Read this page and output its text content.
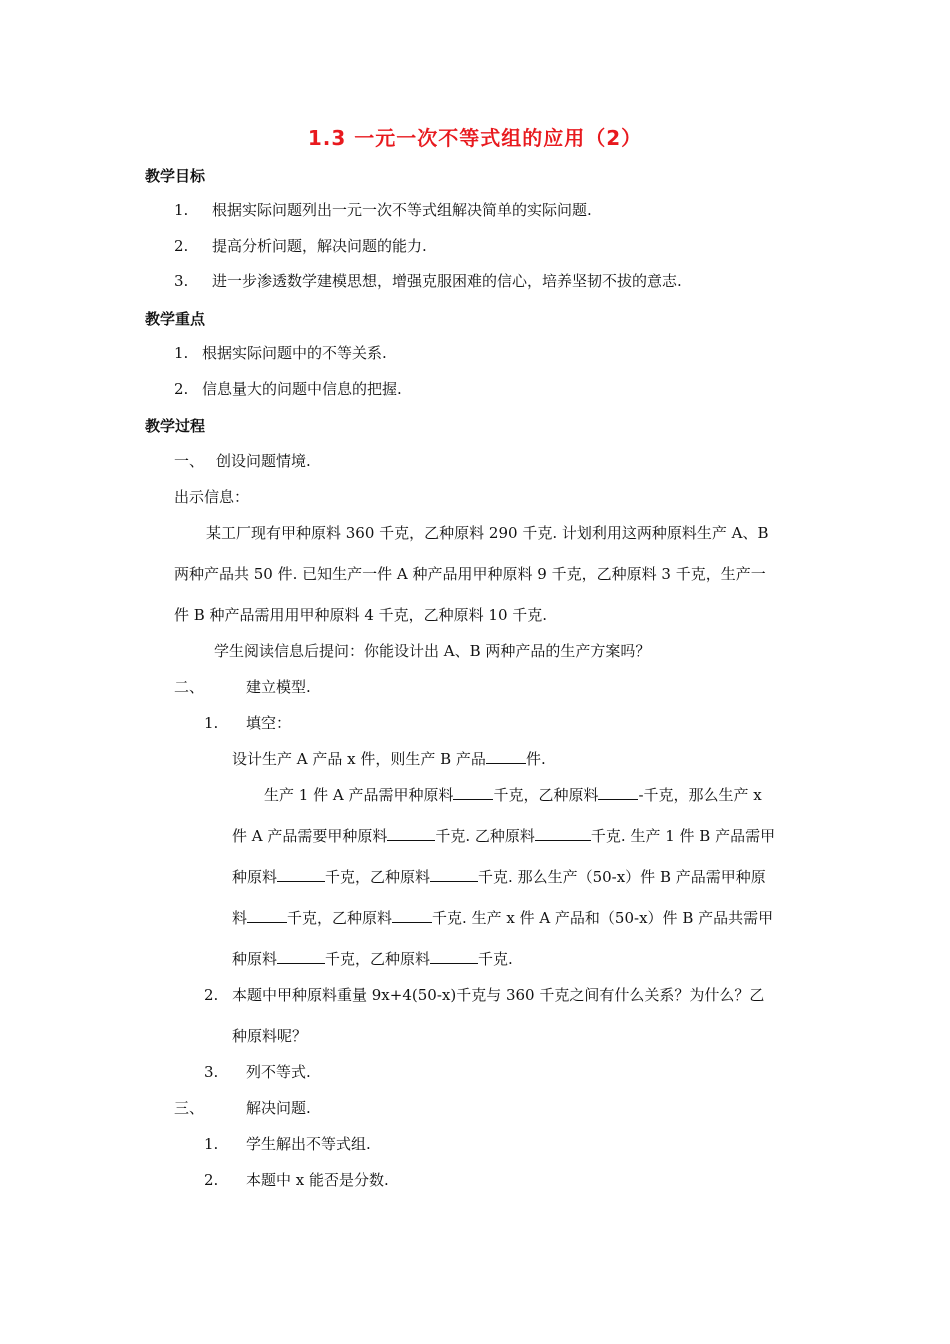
1.3 一元一次不等式组的应用（2）
教学目标
1. 根据实际问题列出一元一次不等式组解决简单的实际问题.
2. 提高分析问题，解决问题的能力.
3. 进一步渗透数学建模思想，增强克服困难的信心，培养坚韧不拔的意志.
教学重点
1. 根据实际问题中的不等关系.
2. 信息量大的问题中信息的把握.
教学过程
一、 创设问题情境.
出示信息：
某工厂现有甲种原料 360 千克，乙种原料 290 千克. 计划利用这两种原料生产 A、B
两种产品共 50 件. 已知生产一件 A 种产品用甲种原料 9 千克，乙种原料 3 千克，生产一
件 B 种产品需用用甲种原料 4 千克，乙种原料 10 千克.
学生阅读信息后提问：你能设计出 A、B 两种产品的生产方案吗？
二、	建立模型.
1. 填空：
设计生产 A 产品 x 件，则生产 B 产品	件.
生产 1 件 A 产品需甲种原料	千克，乙种原料	-千克，那么生产 x
件 A 产品需要甲种原料	千克. 乙种原料	千克. 生产 1 件 B 产品需甲
种原料	千克，乙种原料	千克. 那么生产（50-x）件 B 产品需甲种原
料	千克，乙种原料	千克. 生产 x 件 A 产品和（50-x）件 B 产品共需甲
种原料	千克，乙种原料	千克.
2. 本题中甲种原料重量 9x+4(50-x)千克与 360 千克之间有什么关系？为什么？乙
种原料呢？
3. 列不等式.
三、	解决问题.
1. 学生解出不等式组.
2. 本题中 x 能否是分数.
